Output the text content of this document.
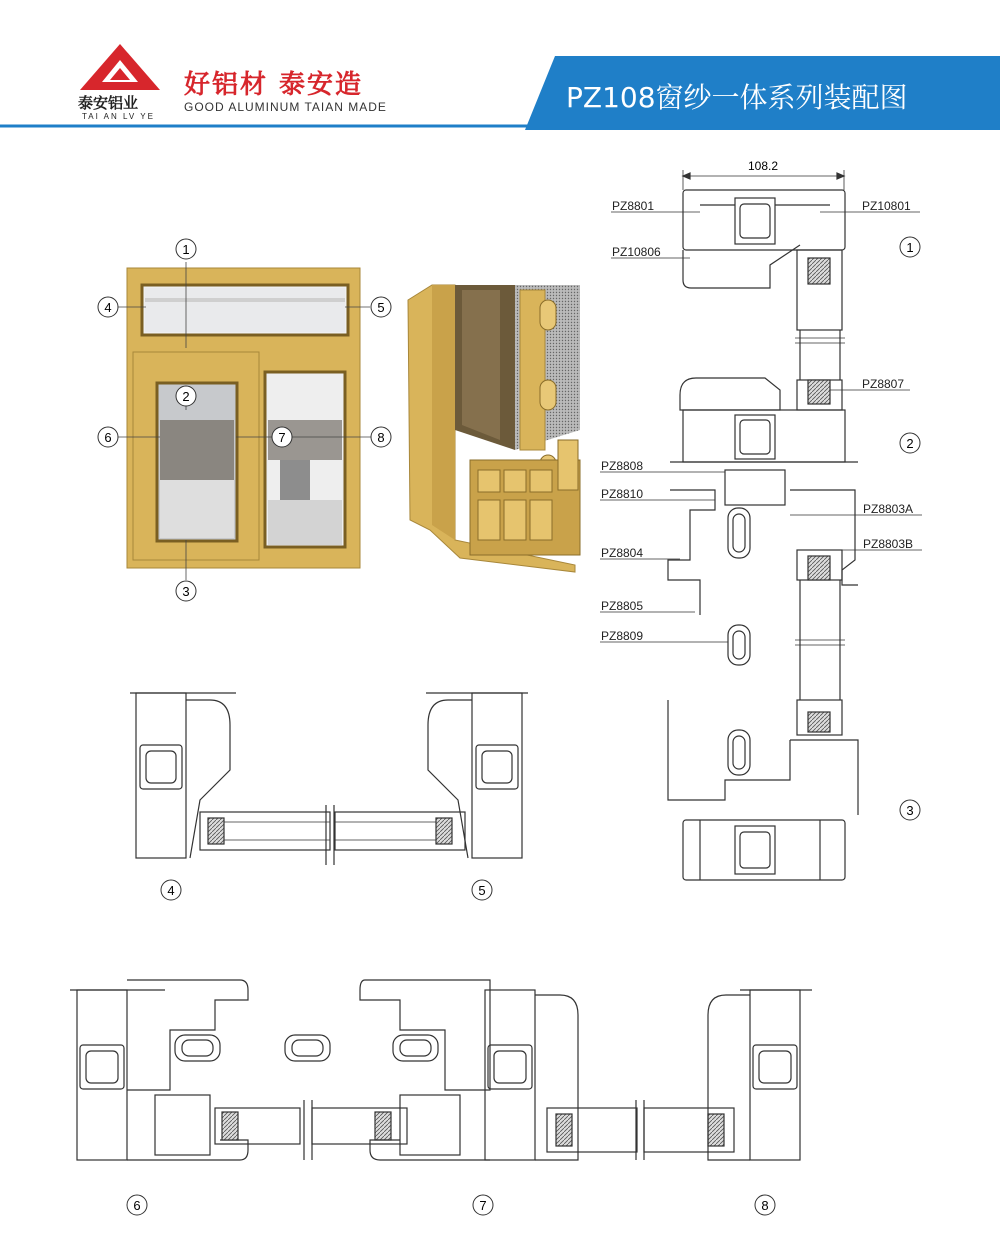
泰安铝业
TAI AN LV YE
好铝材 泰安造
GOOD ALUMINUM TAIAN MADE	PZ108窗纱一体系列装配图
1
2
3
4	5
6	7	8
108.2
PZ8801	PZ10801
PZ10806
PZ8807
PZ8808
PZ8810
PZ8803A
PZ8804
PZ8803B
PZ8805
PZ8809
1
2
3
4	5
6	7	8
